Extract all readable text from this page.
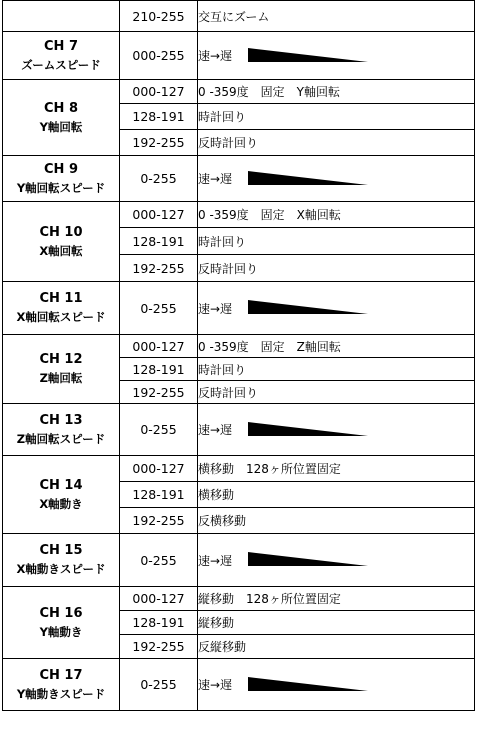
	210-255	交互にズーム

CH 7
ズームスピード	000-255	速→遅

CH 8
Y軸回転	000-127	0 -359度　固定　Y軸回転
	128-191	時計回り
	192-255	反時計回り

CH 9
Y軸回転スピード	0-255	速→遅

CH 10
X軸回転	000-127	0 -359度　固定　X軸回転
	128-191	時計回り
	192-255	反時計回り

CH 11
X軸回転スピード	0-255	速→遅

CH 12
Z軸回転	000-127	0 -359度　固定　Z軸回転
	128-191	時計回り
	192-255	反時計回り

CH 13
Z軸回転スピード	0-255	速→遅

CH 14
X軸動き	000-127	横移動　128ヶ所位置固定
	128-191	横移動
	192-255	反横移動

CH 15
X軸動きスピード	0-255	速→遅

CH 16
Y軸動き	000-127	縦移動　128ヶ所位置固定
	128-191	縦移動
	192-255	反縦移動

CH 17
Y軸動きスピード	0-255	速→遅
